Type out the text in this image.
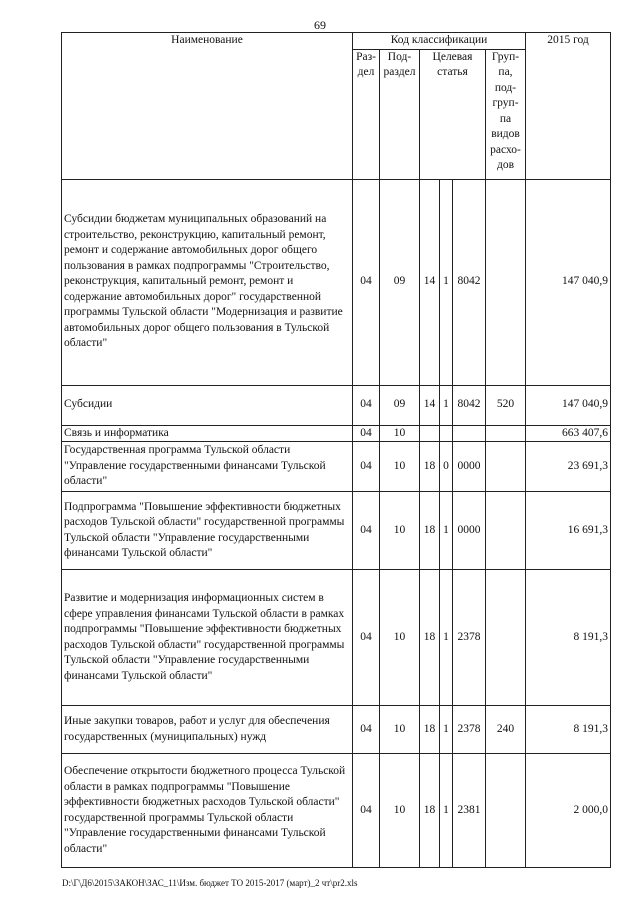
69
Наименование	Код классификации						2015 год
	Раз-дел	Под-раздел	Целевая статья			Груп-па, под-груп-па видов расхо-дов	
Субсидии бюджетам муниципальных образований на строительство, реконструкцию, капитальный ремонт, ремонт и содержание автомобильных дорог общего пользования в рамках подпрограммы "Строительство, реконструкция, капитальный ремонт, ремонт и содержание автомобильных дорог" государственной программы Тульской области "Модернизация и развитие автомобильных дорог общего пользования в Тульской области"	04	09	14	1	8042		147 040,9
Субсидии	04	09	14	1	8042	520	147 040,9
Связь и информатика	04	10					663 407,6
Государственная программа Тульской области "Управление государственными финансами Тульской области"	04	10	18	0	0000		23 691,3
Подпрограмма "Повышение эффективности бюджетных расходов Тульской области" государственной программы Тульской области "Управление государственными финансами Тульской области"	04	10	18	1	0000		16 691,3
Развитие и модернизация информационных систем в сфере управления финансами Тульской области в рамках подпрограммы "Повышение эффективности бюджетных расходов Тульской области" государственной программы Тульской области "Управление государственными финансами Тульской области"	04	10	18	1	2378		8 191,3
Иные закупки товаров, работ и услуг для обеспечения государственных (муниципальных) нужд	04	10	18	1	2378	240	8 191,3
Обеспечение открытости бюджетного процесса Тульской области в рамках подпрограммы "Повышение эффективности бюджетных расходов Тульской области" государственной программы Тульской области "Управление государственными финансами Тульской области"	04	10	18	1	2381		2 000,0
D:\Г\Д6\2015\ЗАКОН\ЗАС_11\Изм. бюджет ТО 2015-2017 (март)_2 чт\pr2.xls
